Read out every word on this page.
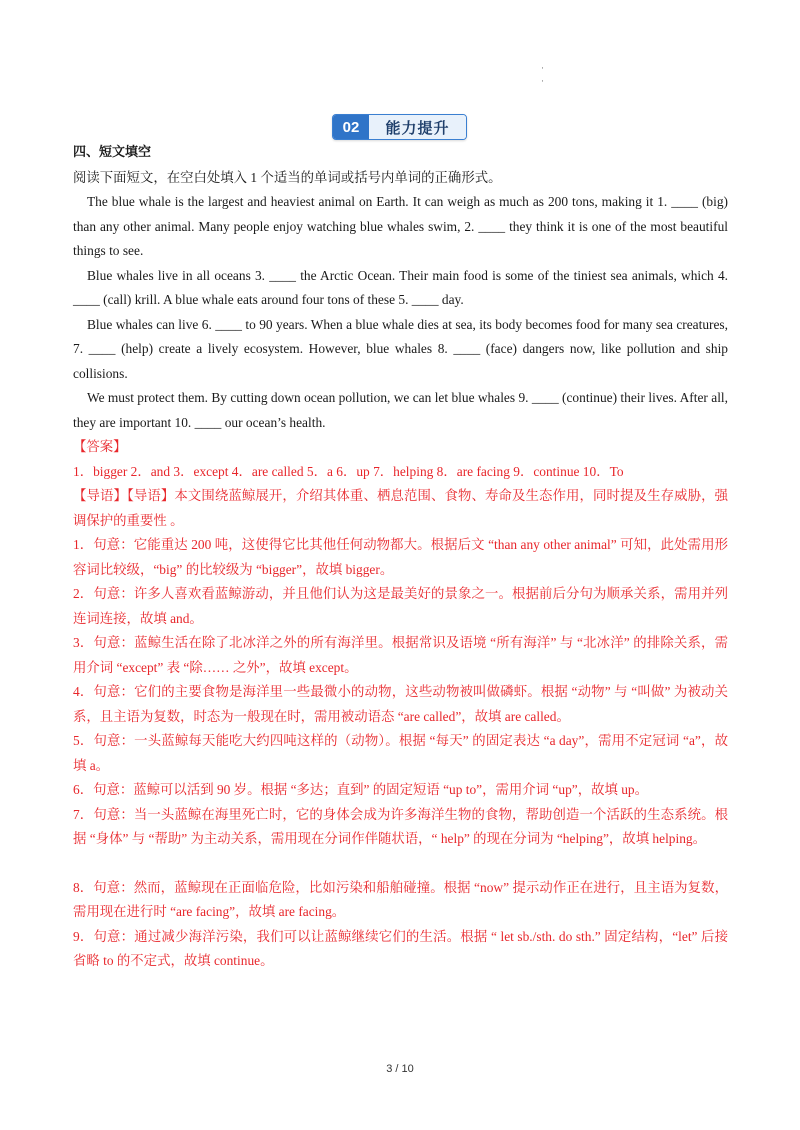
·
·
02	能力提升

四、短文填空

阅读下面短文，在空白处填入 1 个适当的单词或括号内单词的正确形式。

The blue whale is the largest and heaviest animal on Earth. It can weigh as much as 200 tons, making it 1. ____ (big) than any other animal. Many people enjoy watching blue whales swim, 2. ____ they think it is one of the most beautiful things to see.

Blue whales live in all oceans 3. ____ the Arctic Ocean. Their main food is some of the tiniest sea animals, which 4. ____ (call) krill. A blue whale eats around four tons of these 5. ____ day.

Blue whales can live 6. ____ to 90 years. When a blue whale dies at sea, its body becomes food for many sea creatures, 7. ____ (help) create a lively ecosystem. However, blue whales 8. ____ (face) dangers now, like pollution and ship collisions.

We must protect them. By cutting down ocean pollution, we can let blue whales 9. ____ (continue) their lives. After all, they are important 10. ____ our ocean’s health.

【答案】

1．bigger 2．and 3．except 4．are called 5．a 6．up 7．helping 8．are facing 9．continue 10．To

【导语】【导语】本文围绕蓝鲸展开，介绍其体重、栖息范围、食物、寿命及生态作用，同时提及生存威胁，强调保护的重要性 。

1．句意：它能重达 200 吨，这使得它比其他任何动物都大。根据后文 “than any other animal” 可知，此处需用形容词比较级，“big” 的比较级为 “bigger”，故填 bigger。

2．句意：许多人喜欢看蓝鲸游动，并且他们认为这是最美好的景象之一。根据前后分句为顺承关系，需用并列连词连接，故填 and。

3．句意：蓝鲸生活在除了北冰洋之外的所有海洋里。根据常识及语境 “所有海洋” 与 “北冰洋” 的排除关系，需用介词 “except” 表 “除…… 之外”，故填 except。

4．句意：它们的主要食物是海洋里一些最微小的动物，这些动物被叫做磷虾。根据 “动物” 与 “叫做” 为被动关系，且主语为复数，时态为一般现在时，需用被动语态 “are called”，故填 are called。

5．句意：一头蓝鲸每天能吃大约四吨这样的（动物）。根据 “每天” 的固定表达 “a day”，需用不定冠词 “a”，故填 a。

6．句意：蓝鲸可以活到 90 岁。根据 “多达；直到” 的固定短语 “up to”，需用介词 “up”，故填 up。

7．句意：当一头蓝鲸在海里死亡时，它的身体会成为许多海洋生物的食物，帮助创造一个活跃的生态系统。根据 “身体” 与 “帮助” 为主动关系，需用现在分词作伴随状语，“ help” 的现在分词为 “helping”，故填 helping。

8．句意：然而，蓝鲸现在正面临危险，比如污染和船舶碰撞。根据 “now” 提示动作正在进行，且主语为复数，需用现在进行时 “are facing”，故填 are facing。

9．句意：通过减少海洋污染，我们可以让蓝鲸继续它们的生活。根据 “ let sb./sth. do sth.” 固定结构，“let” 后接省略 to 的不定式，故填 continue。

3 / 10
